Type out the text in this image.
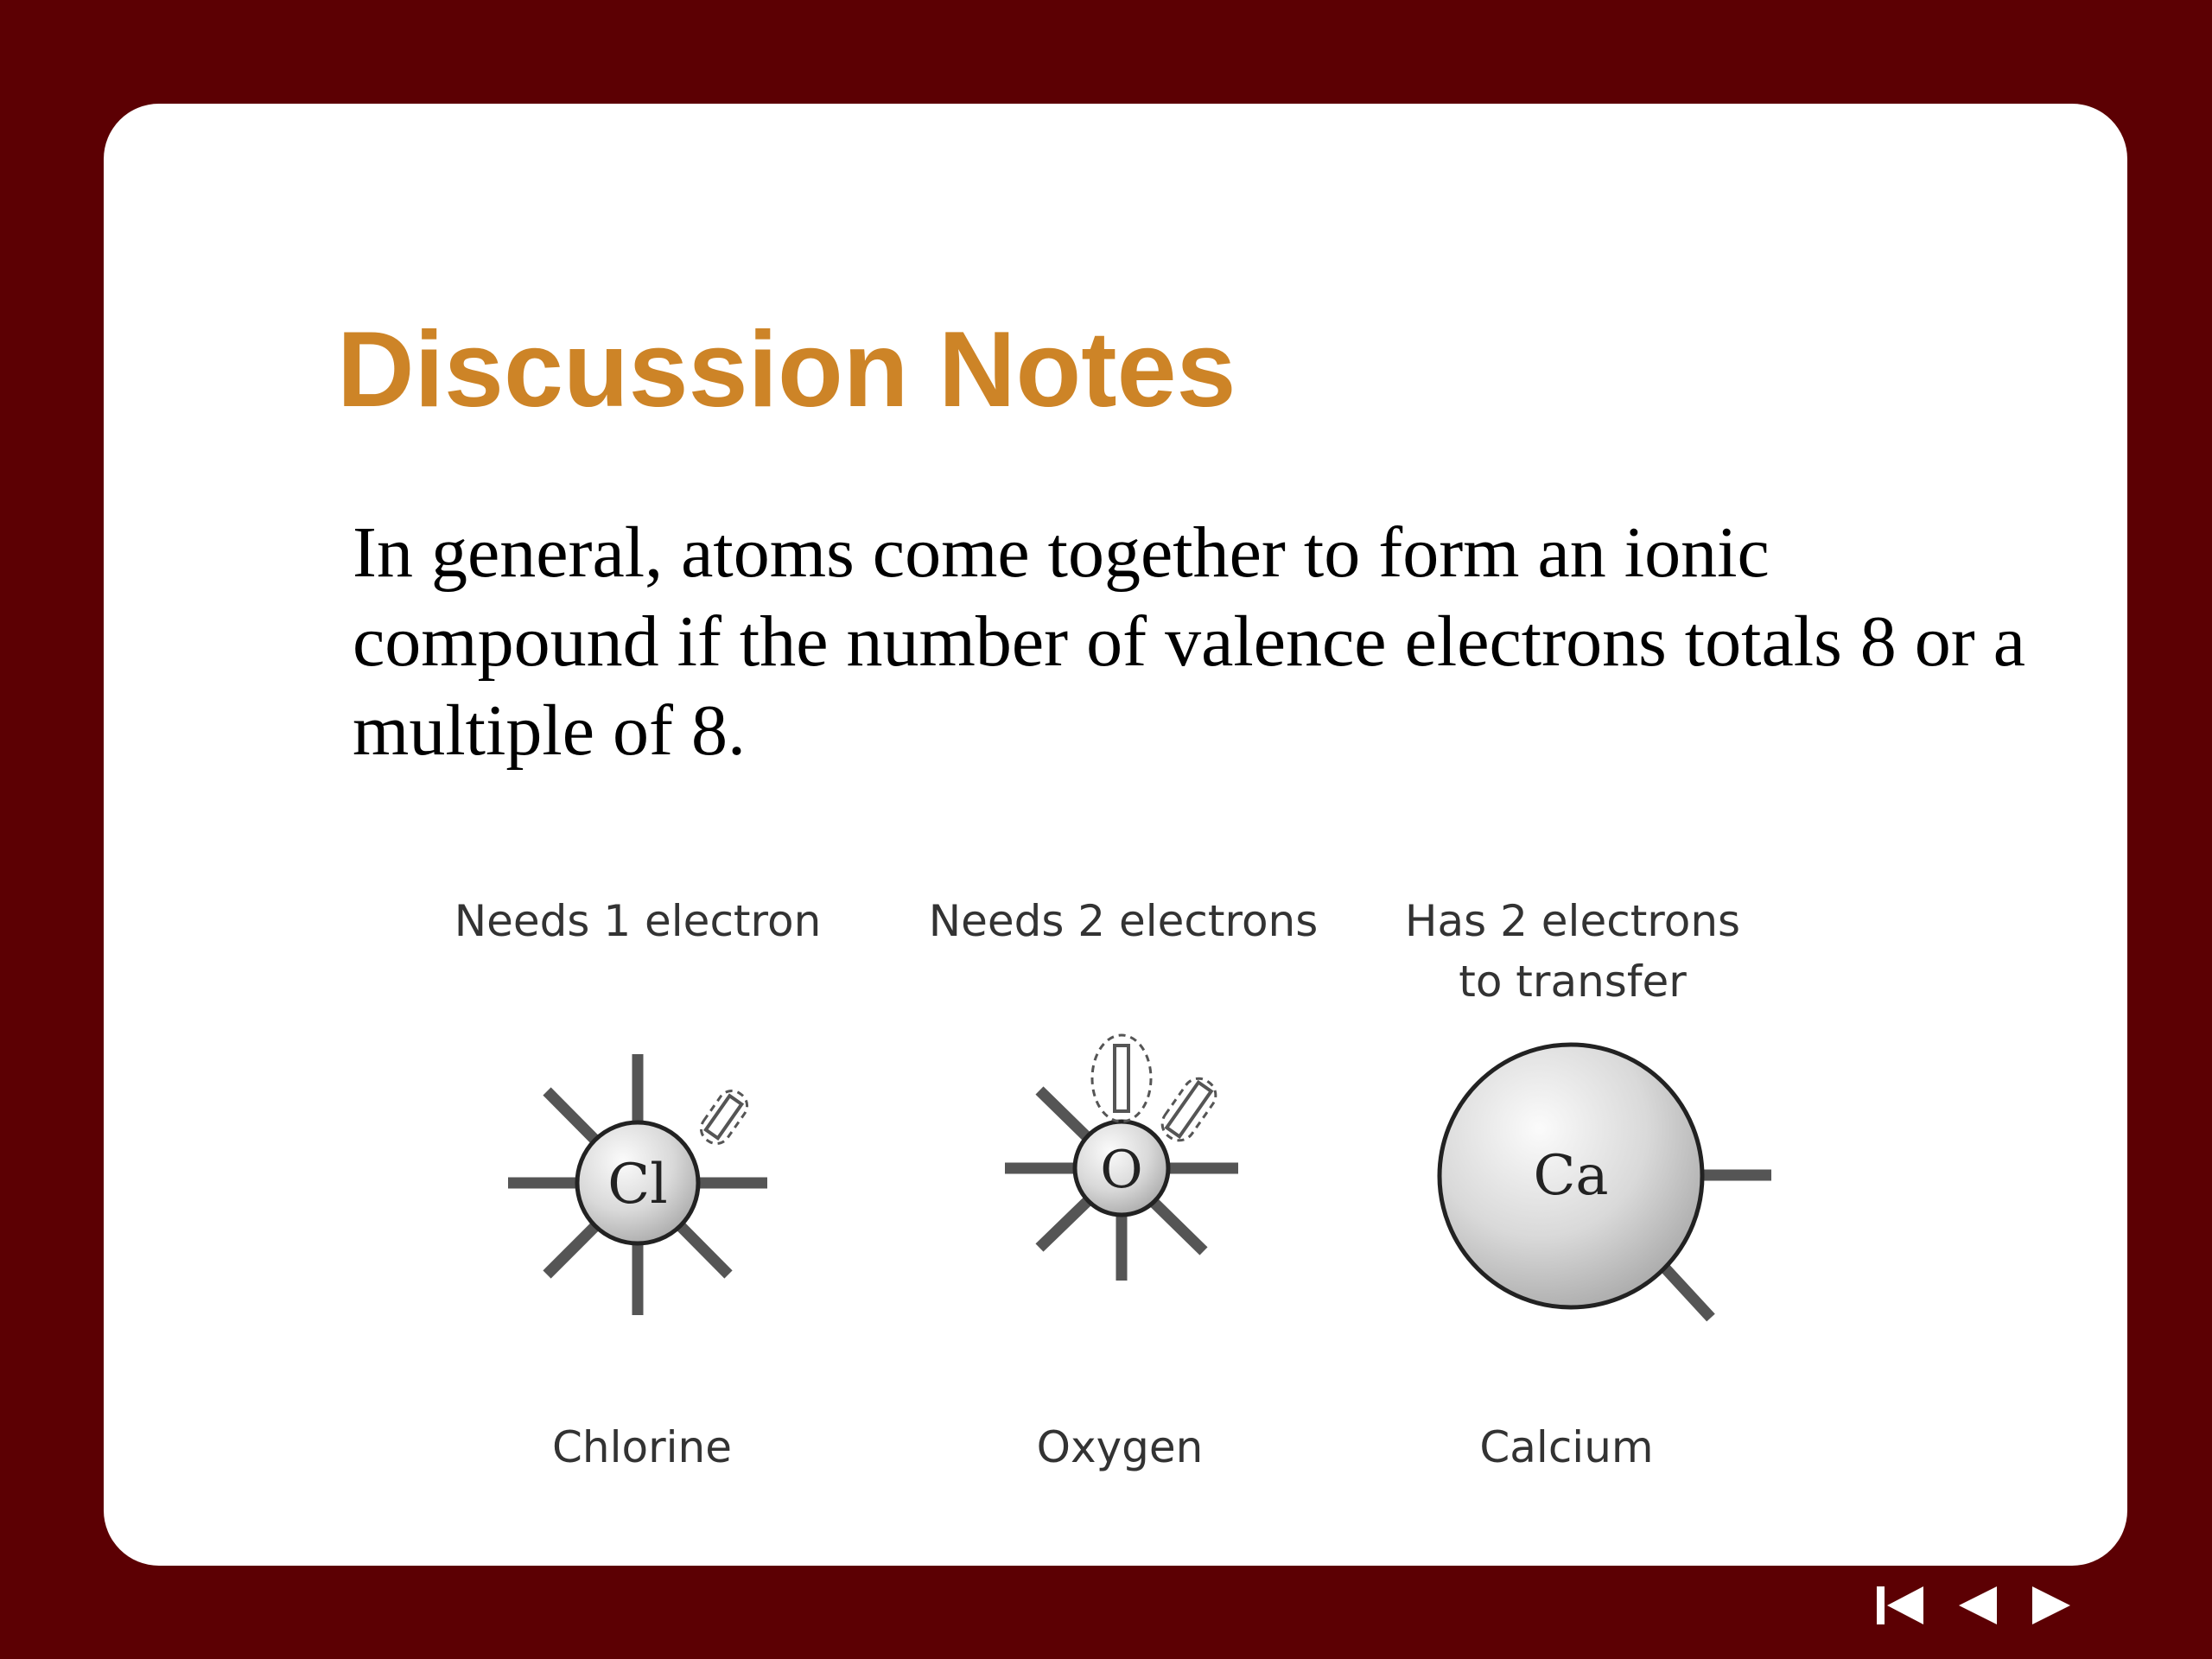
Discussion Notes

In general, atoms come together to form an ionic compound if the number of valence electrons totals 8 or a multiple of 8.

Cl	O	Ca
Needs 1 electron Needs 2 electrons Has 2 electrons
to transfer
Chlorine	Oxygen	Calcium
